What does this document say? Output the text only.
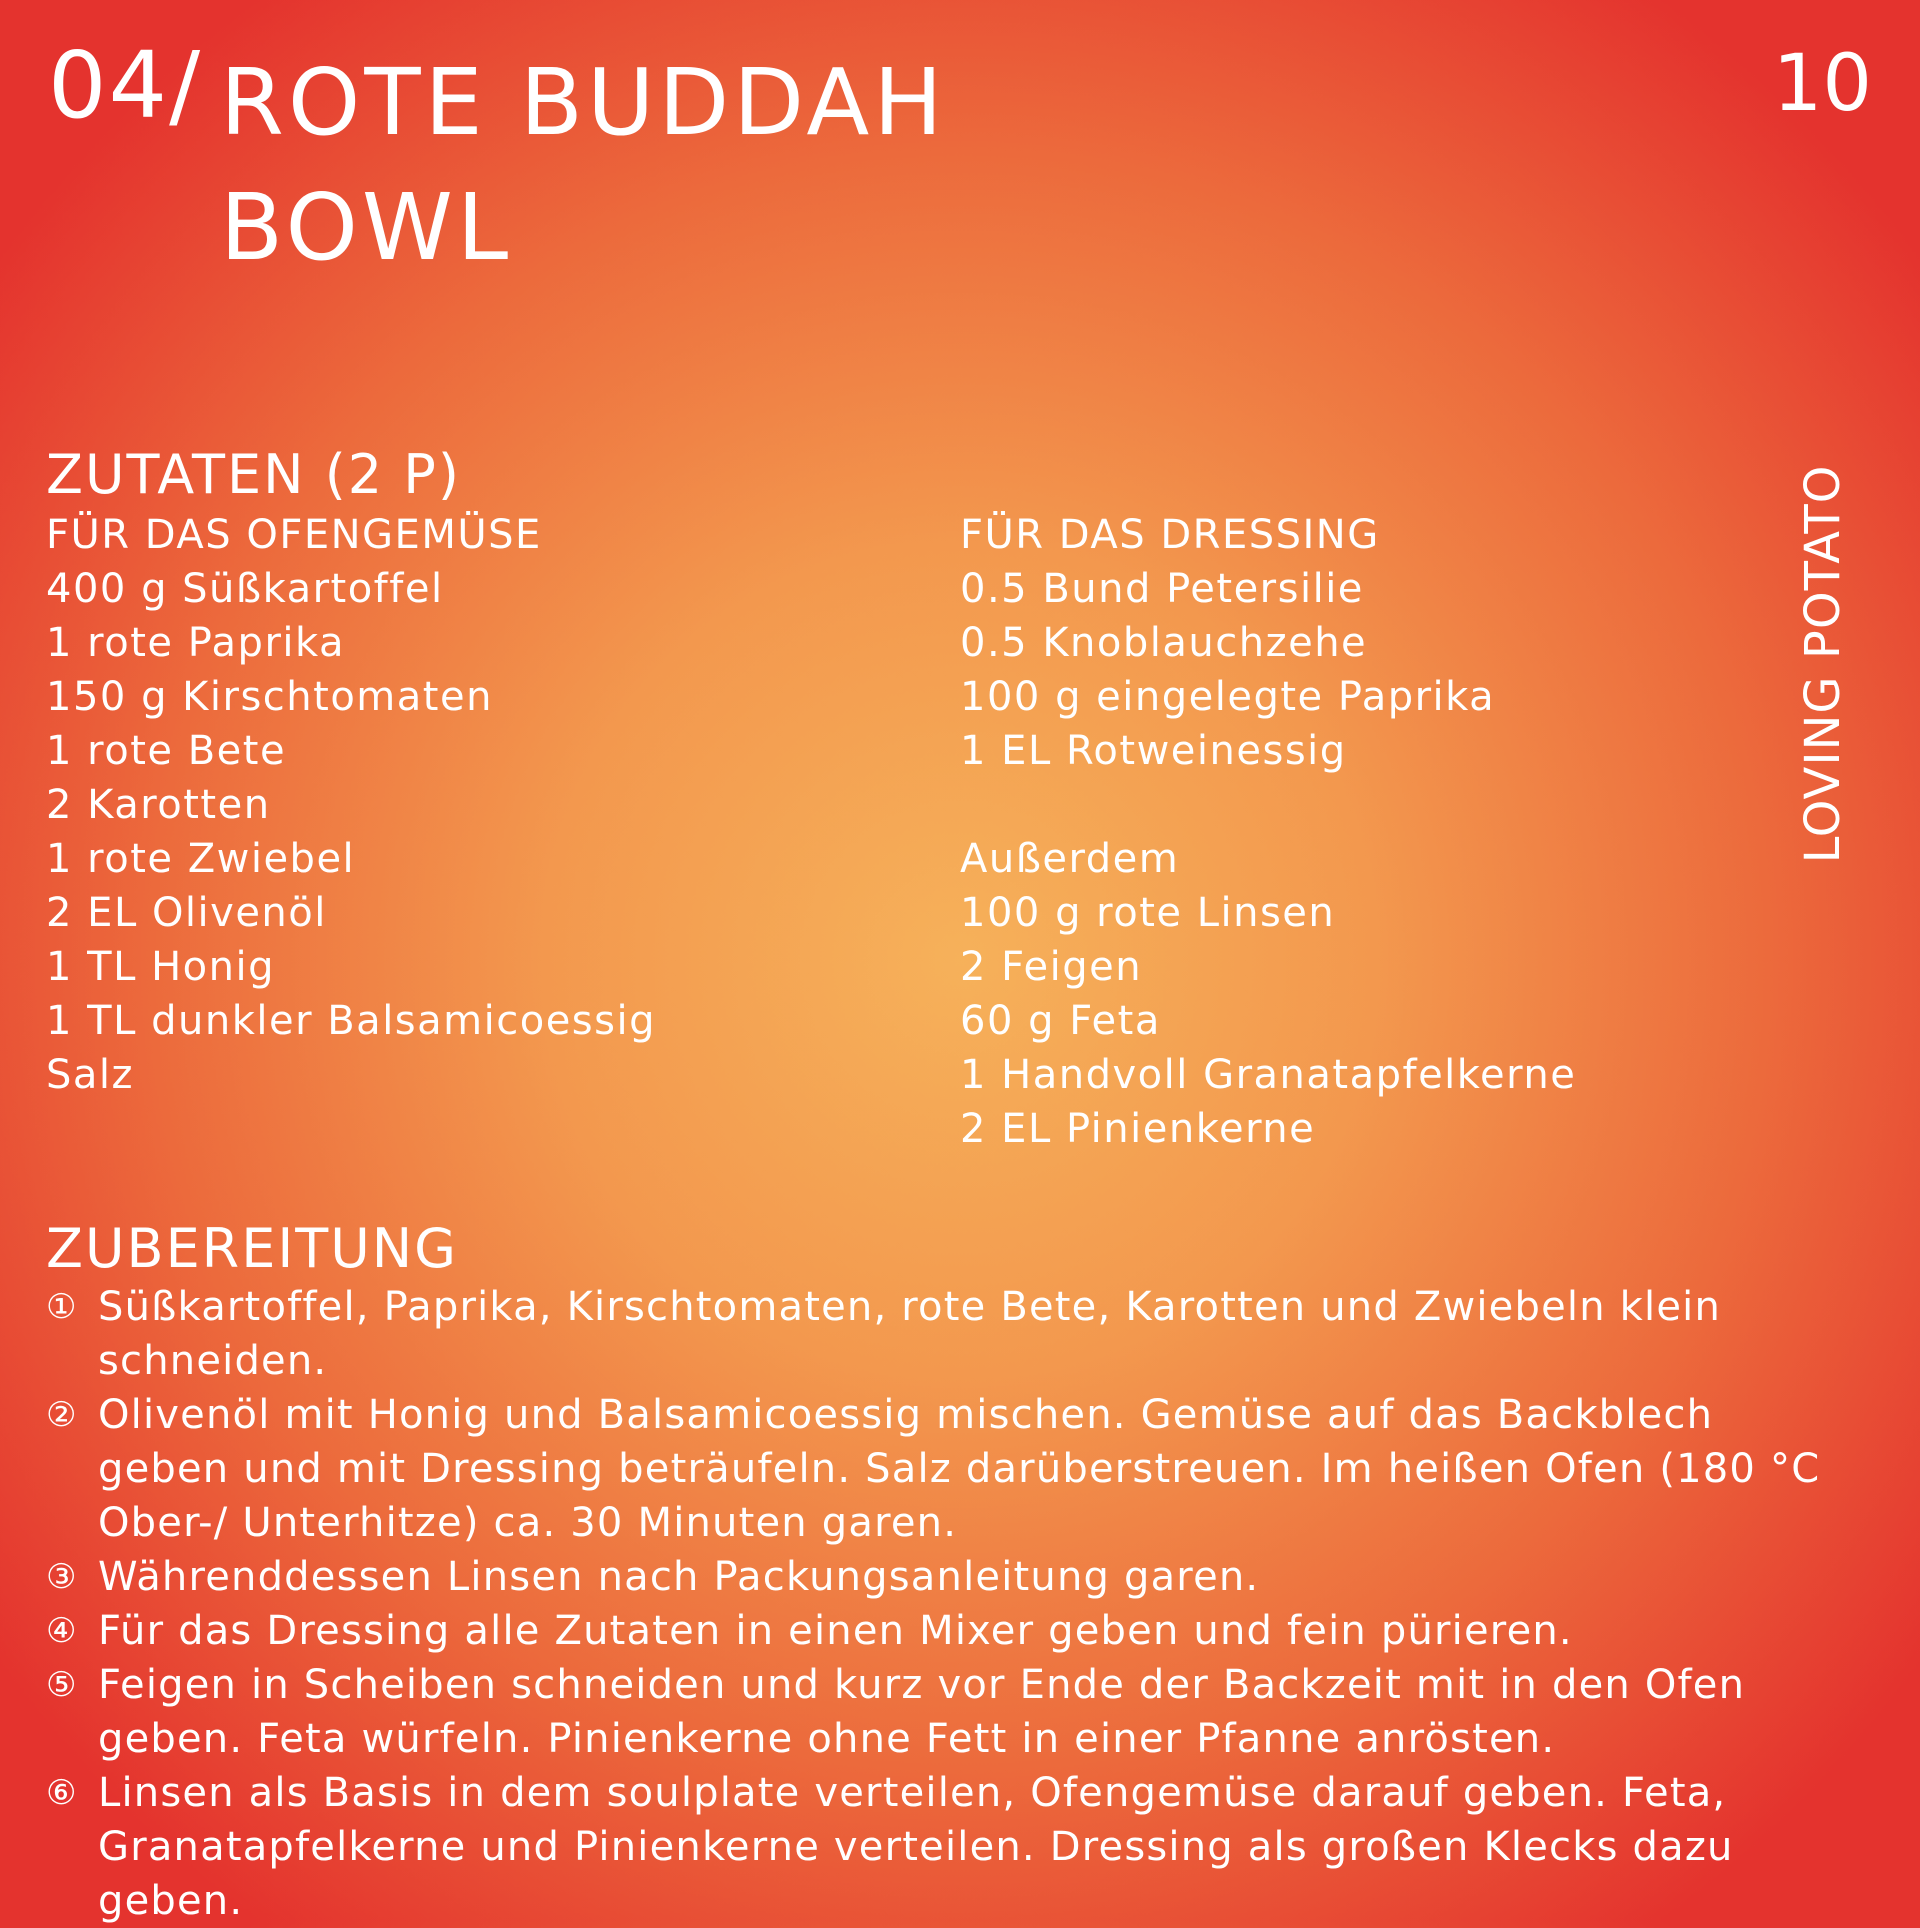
04/ ROTE BUDDAH
BOWL
10
LOVING POTATO
ZUTATEN (2 P)
FÜR DAS OFENGEMÜSE
400 g Süßkartoffel
1 rote Paprika
150 g Kirschtomaten
1 rote Bete
2 Karotten
1 rote Zwiebel
2 EL Olivenöl
1 TL Honig
1 TL dunkler Balsamicoessig
Salz
FÜR DAS DRESSING
0.5 Bund Petersilie
0.5 Knoblauchzehe
100 g eingelegte Paprika
1 EL Rotweinessig
Außerdem
100 g rote Linsen
2 Feigen
60 g Feta
1 Handvoll Granatapfelkerne
2 EL Pinienkerne
ZUBEREITUNG
① Süßkartoffel, Paprika, Kirschtomaten, rote Bete, Karotten und Zwiebeln klein schneiden.
② Olivenöl mit Honig und Balsamicoessig mischen. Gemüse auf das Backblech geben und mit Dressing beträufeln. Salz darüberstreuen. Im heißen Ofen (180 °C Ober-/ Unterhitze) ca. 30 Minuten garen.
③ Währenddessen Linsen nach Packungsanleitung garen.
④ Für das Dressing alle Zutaten in einen Mixer geben und fein pürieren.
⑤ Feigen in Scheiben schneiden und kurz vor Ende der Backzeit mit in den Ofen geben. Feta würfeln. Pinienkerne ohne Fett in einer Pfanne anrösten.
⑥ Linsen als Basis in dem soulplate verteilen, Ofengemüse darauf geben. Feta, Granatapfelkerne und Pinienkerne verteilen. Dressing als großen Klecks dazu geben.
